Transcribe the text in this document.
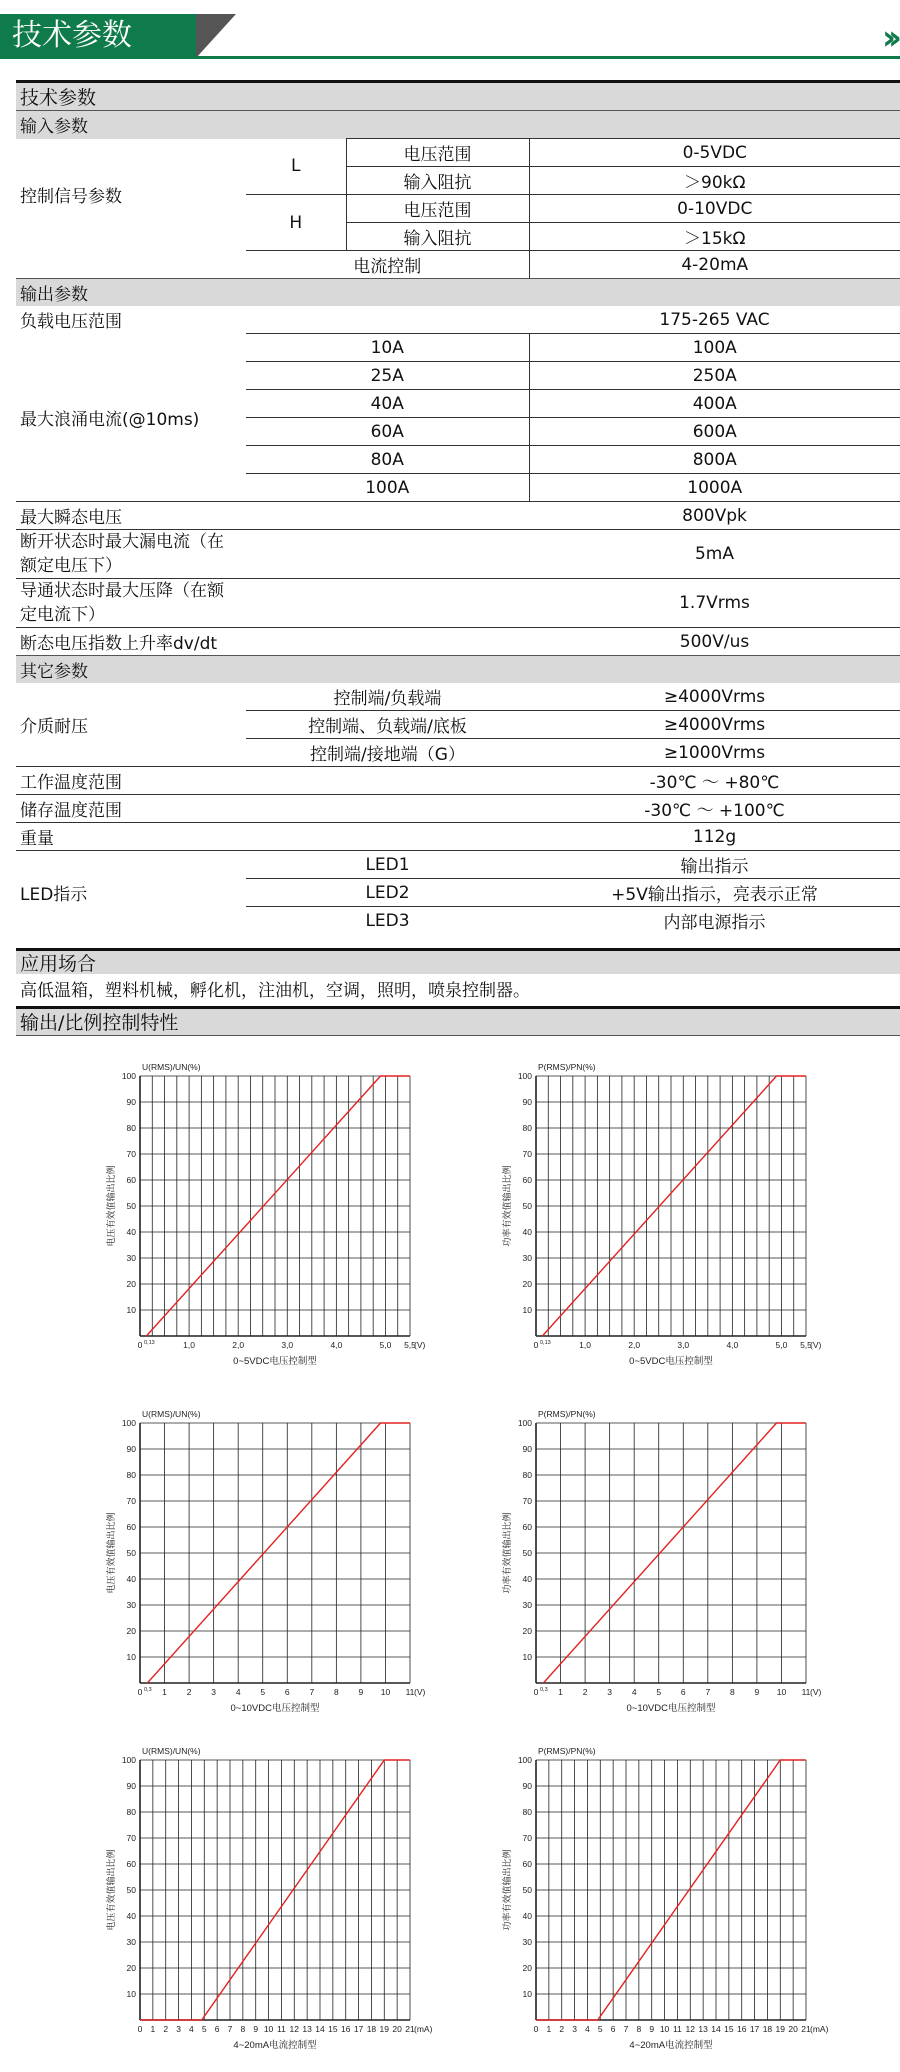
技术参数	››
技术参数			
输入参数			
控制信号参数	L	电压范围	0-5VDC
		输入阻抗	＞90kΩ
	H	电压范围	0-10VDC
		输入阻抗	＞15kΩ
	电流控制		4-20mA
输出参数			
负载电压范围			175-265 VAC
最大浪涌电流(@10ms)	10A		100A
	25A		250A
	40A		400A
	60A		600A
	80A		800A
	100A		1000A
最大瞬态电压			800Vpk
断开状态时最大漏电流（在
额定电压下）			5mA
导通状态时最大压降（在额
定电流下）			1.7Vrms
断态电压指数上升率dv/dt			500V/us
其它参数			
介质耐压	控制端/负载端		≥4000Vrms
	控制端、负载端/底板		≥4000Vrms
	控制端/接地端（G）		≥1000Vrms
工作温度范围			-30℃ ～ +80℃
储存温度范围			-30℃ ～ +100℃
重量			112g
LED指示	LED1		输出指示
	LED2		+5V输出指示，亮表示正常
	LED3		内部电源指示
应用场合
高低温箱，塑料机械，孵化机，注油机，空调，照明，喷泉控制器。
输出/比例控制特性
10
20
30
40
50
60
70
80
90
100
0	1,0	2,0	3,0	4,0	5,0 5,5
0,13	(V)
U(RMS)/UN(%)
电压有效值输出比例
0~5VDC电压控制型
10
20
30
40
50
60
70
80
90
100
0	1,0	2,0	3,0	4,0	5,0 5,5
0,13	(V)
P(RMS)/PN(%)
功率有效值输出比例
0~5VDC电压控制型
10
20
30
40
50
60
70
80
90
100
0 1 2 3 4 5 6 7 8 9 10 11
0,3	(V)
U(RMS)/UN(%)
电压有效值输出比例
0~10VDC电压控制型
10
20
30
40
50
60
70
80
90
100
0 1 2 3 4 5 6 7 8 9 10 11
0,3	(V)
P(RMS)/PN(%)
功率有效值输出比例
0~10VDC电压控制型
10
20
30
40
50
60
70
80
90
100
0 1 2 3 4 5 6 7 8 9 10 11 12 13 14 15 16 17 18 19 20 21 (mA)
U(RMS)/UN(%)
电压有效值输出比例
4~20mA电流控制型
10
20
30
40
50
60
70
80
90
100
0 1 2 3 4 5 6 7 8 9 10 11 12 13 14 15 16 17 18 19 20 21 (mA)
P(RMS)/PN(%)
功率有效值输出比例
4~20mA电流控制型
